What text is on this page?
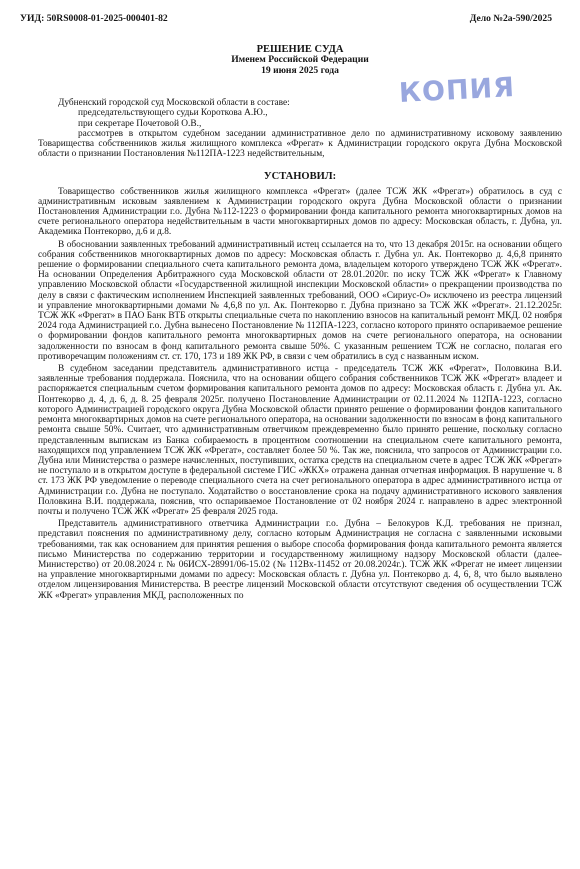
УИД: 50RS0008-01-2025-000401-82	Дело №2а-590/2025
РЕШЕНИЕ СУДА
Именем Российской Федерации
19 июня 2025 года
КОПИЯ
Дубненский городской суд Московской области в составе:
председательствующего судьи Короткова А.Ю.,
при секретаре Почетовой О.В.,

рассмотрев в открытом судебном заседании административное дело по административному исковому заявлению Товарищества собственников жилья жилищного комплекса «Фрегат» к Администрации городского округа Дубна Московской области о признании Постановления №112ПА-1223 недействительным,

УСТАНОВИЛ:

Товарищество собственников жилья жилищного комплекса «Фрегат» (далее ТСЖ ЖК «Фрегат») обратилось в суд с административным исковым заявлением к Администрации городского округа Дубна Московской области о признании Постановления Администрации г.о. Дубна №112-1223 о формировании фонда капитального ремонта многоквартирных домов на счете регионального оператора недействительным в части многоквартирных домов по адресу: Московская область, г. Дубна, ул. Академика Понтекорво, д.6 и д.8.

В обосновании заявленных требований административный истец ссылается на то, что 13 декабря 2015г. на основании общего собрания собственников многоквартирных домов по адресу: Московская область г. Дубна ул. Ак. Понтекорво д. 4,6,8 принято решение о формировании специального счета капитального ремонта дома, владельцем которого утверждено ТСЖ ЖК «Фрегат». На основании Определения Арбитражного суда Московской области от 28.01.2020г. по иску ТСЖ ЖК «Фрегат» к Главному управлению Московской области «Государственной жилищной инспекции Московской области» о прекращении производства по делу в связи с фактическим исполнением Инспекцией заявленных требований, ООО «Сириус-О» исключено из реестра лицензий и управление многоквартирными домами № 4,6,8 по ул. Ак. Понтекорво г. Дубна признано за ТСЖ ЖК «Фрегат». 21.12.2025г. ТСЖ ЖК «Фрегат» в ПАО Банк ВТБ открыты специальные счета по накоплению взносов на капитальный ремонт МКД. 02 ноября 2024 года Администрацией г.о. Дубна вынесено Постановление № 112ПА-1223, согласно которого принято оспариваемое решение о формировании фондов капитального ремонта многоквартирных домов на счете регионального оператора, на основании задолженности по взносам в фонд капитального ремонта свыше 50%. С указанным решением ТСЖ не согласно, полагая его противоречащим положениям ст. ст. 170, 173 и 189 ЖК РФ, в связи с чем обратились в суд с названным иском.

В судебном заседании представитель административного истца - председатель ТСЖ ЖК «Фрегат», Половкина В.И. заявленные требования поддержала. Пояснила, что на основании общего собрания собственников ТСЖ ЖК «Фрегат» владеет и распоряжается специальным счетом формирования капитального ремонта домов по адресу: Московская область г. Дубна ул. Ак. Понтекорво д. 4, д. 6, д. 8. 25 февраля 2025г. получено Постановление Администрации от 02.11.2024 № 112ПА-1223, согласно которого Администрацией городского округа Дубна Московской области принято решение о формировании фондов капитального ремонта многоквартирных домов на счете регионального оператора, на основании задолженности по взносам в фонд капитального ремонта свыше 50%. Считает, что административным ответчиком преждевременно было принято решение, поскольку согласно представленным выпискам из Банка собираемость в процентном соотношении на специальном счете капитального ремонта, находящихся под управлением ТСЖ ЖК «Фрегат», составляет более 50 %. Так же, пояснила, что запросов от Администрации г.о. Дубна или Министерства о размере начисленных, поступивших, остатка средств на специальном счете в адрес ТСЖ ЖК «Фрегат» не поступало и в открытом доступе в федеральной системе ГИС «ЖКХ» отражена данная отчетная информация. В нарушение ч. 8 ст. 173 ЖК РФ уведомление о переводе специального счета на счет регионального оператора в адрес административного истца от Администрации г.о. Дубна не поступало. Ходатайство о восстановление срока на подачу административного искового заявления Половкина В.И. поддержала, пояснив, что оспариваемое Постановление от 02 ноября 2024 г. направлено в адрес электронной почты и получено ТСЖ ЖК «Фрегат» 25 февраля 2025 года.

Представитель административного ответчика Администрации г.о. Дубна – Белокуров К.Д. требования не признал, представил пояснения по административному делу, согласно которым Администрация не согласна с заявленными исковыми требованиями, так как основанием для принятия решения о выборе способа формирования фонда капитального ремонта является письмо Министерства по содержанию территории и государственному жилищному надзору Московской области (далее- Министерство) от 20.08.2024 г. № 06ИСХ-28991/06-15.02 (№ 112Вх-11452 от 20.08.2024г.). ТСЖ ЖК «Фрегат не имеет лицензии на управление многоквартирными домами по адресу: Московская область г. Дубна ул. Понтекорво д. 4, 6, 8, что было выявлено отделом лицензирования Министерства. В реестре лицензий Московской области отсутствуют сведения об осуществлении ТСЖ ЖК «Фрегат» управления МКД, расположенных по
